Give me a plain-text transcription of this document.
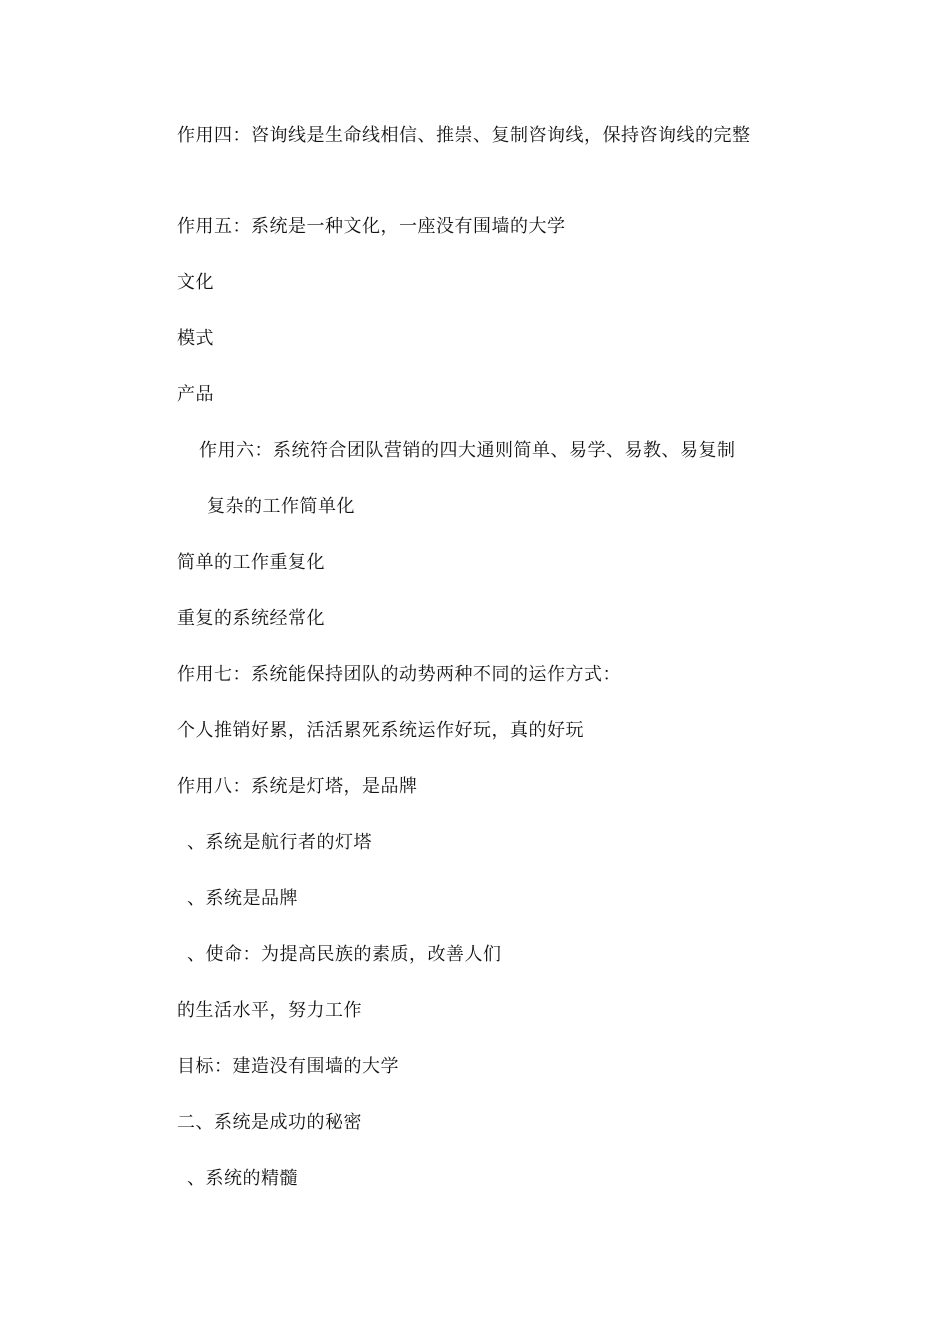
作用四：咨询线是生命线相信、推崇、复制咨询线，保持咨询线的完整
作用五：系统是一种文化，一座没有围墙的大学
文化
模式
产品
作用六：系统符合团队营销的四大通则简单、易学、易教、易复制
复杂的工作简单化
简单的工作重复化
重复的系统经常化
作用七：系统能保持团队的动势两种不同的运作方式：
个人推销好累，活活累死系统运作好玩，真的好玩
作用八：系统是灯塔，是品牌
、系统是航行者的灯塔
、系统是品牌
、使命：为提高民族的素质，改善人们
的生活水平，努力工作
目标：建造没有围墙的大学
二、系统是成功的秘密
、系统的精髓
